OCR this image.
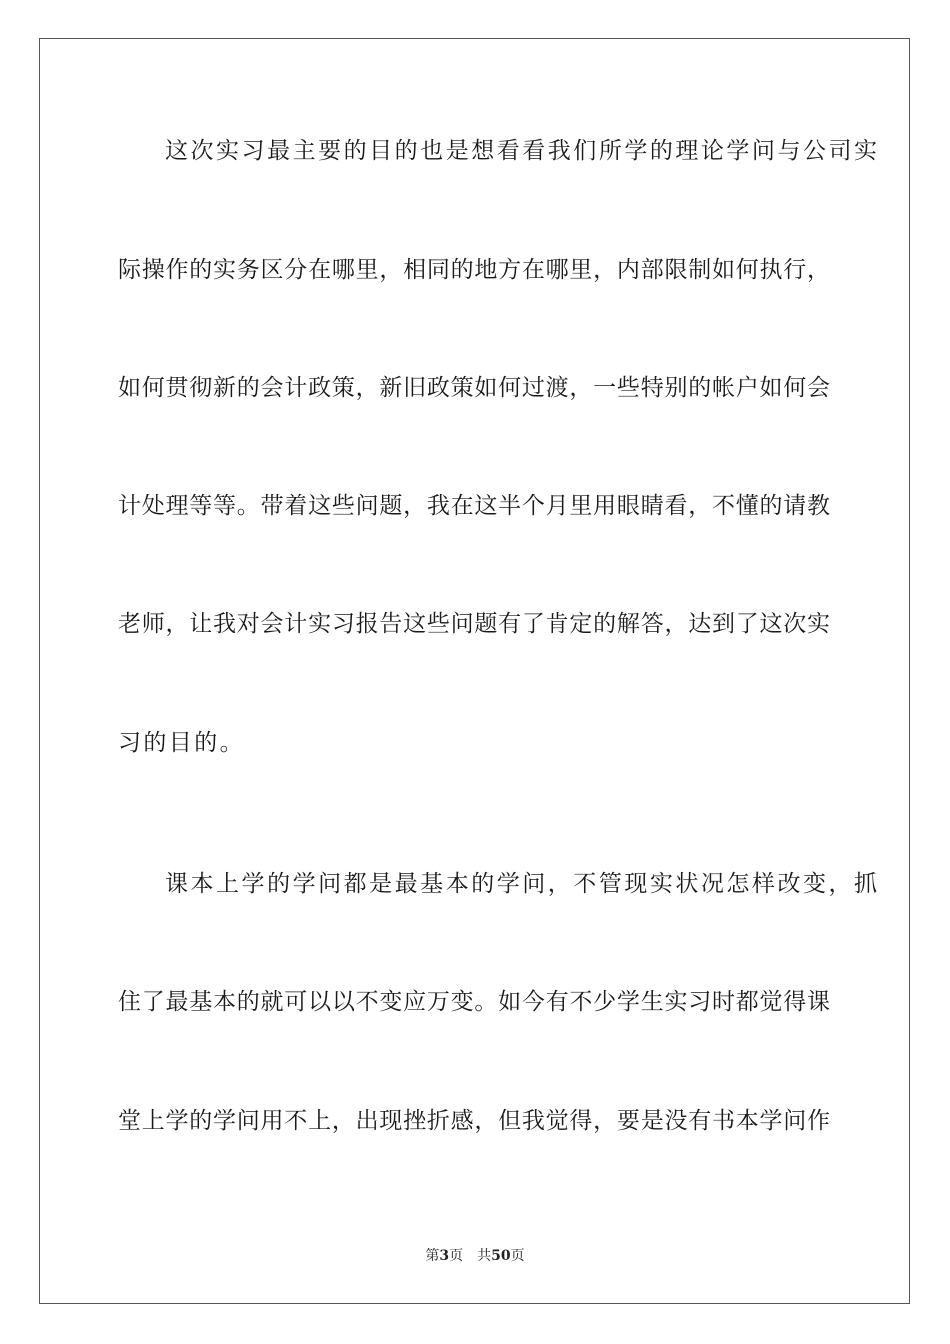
这次实习最主要的目的也是想看看我们所学的理论学问与公司实
际操作的实务区分在哪里，相同的地方在哪里，内部限制如何执行，
如何贯彻新的会计政策，新旧政策如何过渡，一些特别的帐户如何会
计处理等等。带着这些问题，我在这半个月里用眼睛看，不懂的请教
老师，让我对会计实习报告这些问题有了肯定的解答，达到了这次实
习的目的。
课本上学的学问都是最基本的学问，不管现实状况怎样改变，抓
住了最基本的就可以以不变应万变。如今有不少学生实习时都觉得课
堂上学的学问用不上，出现挫折感，但我觉得，要是没有书本学问作
第3页 共50页
